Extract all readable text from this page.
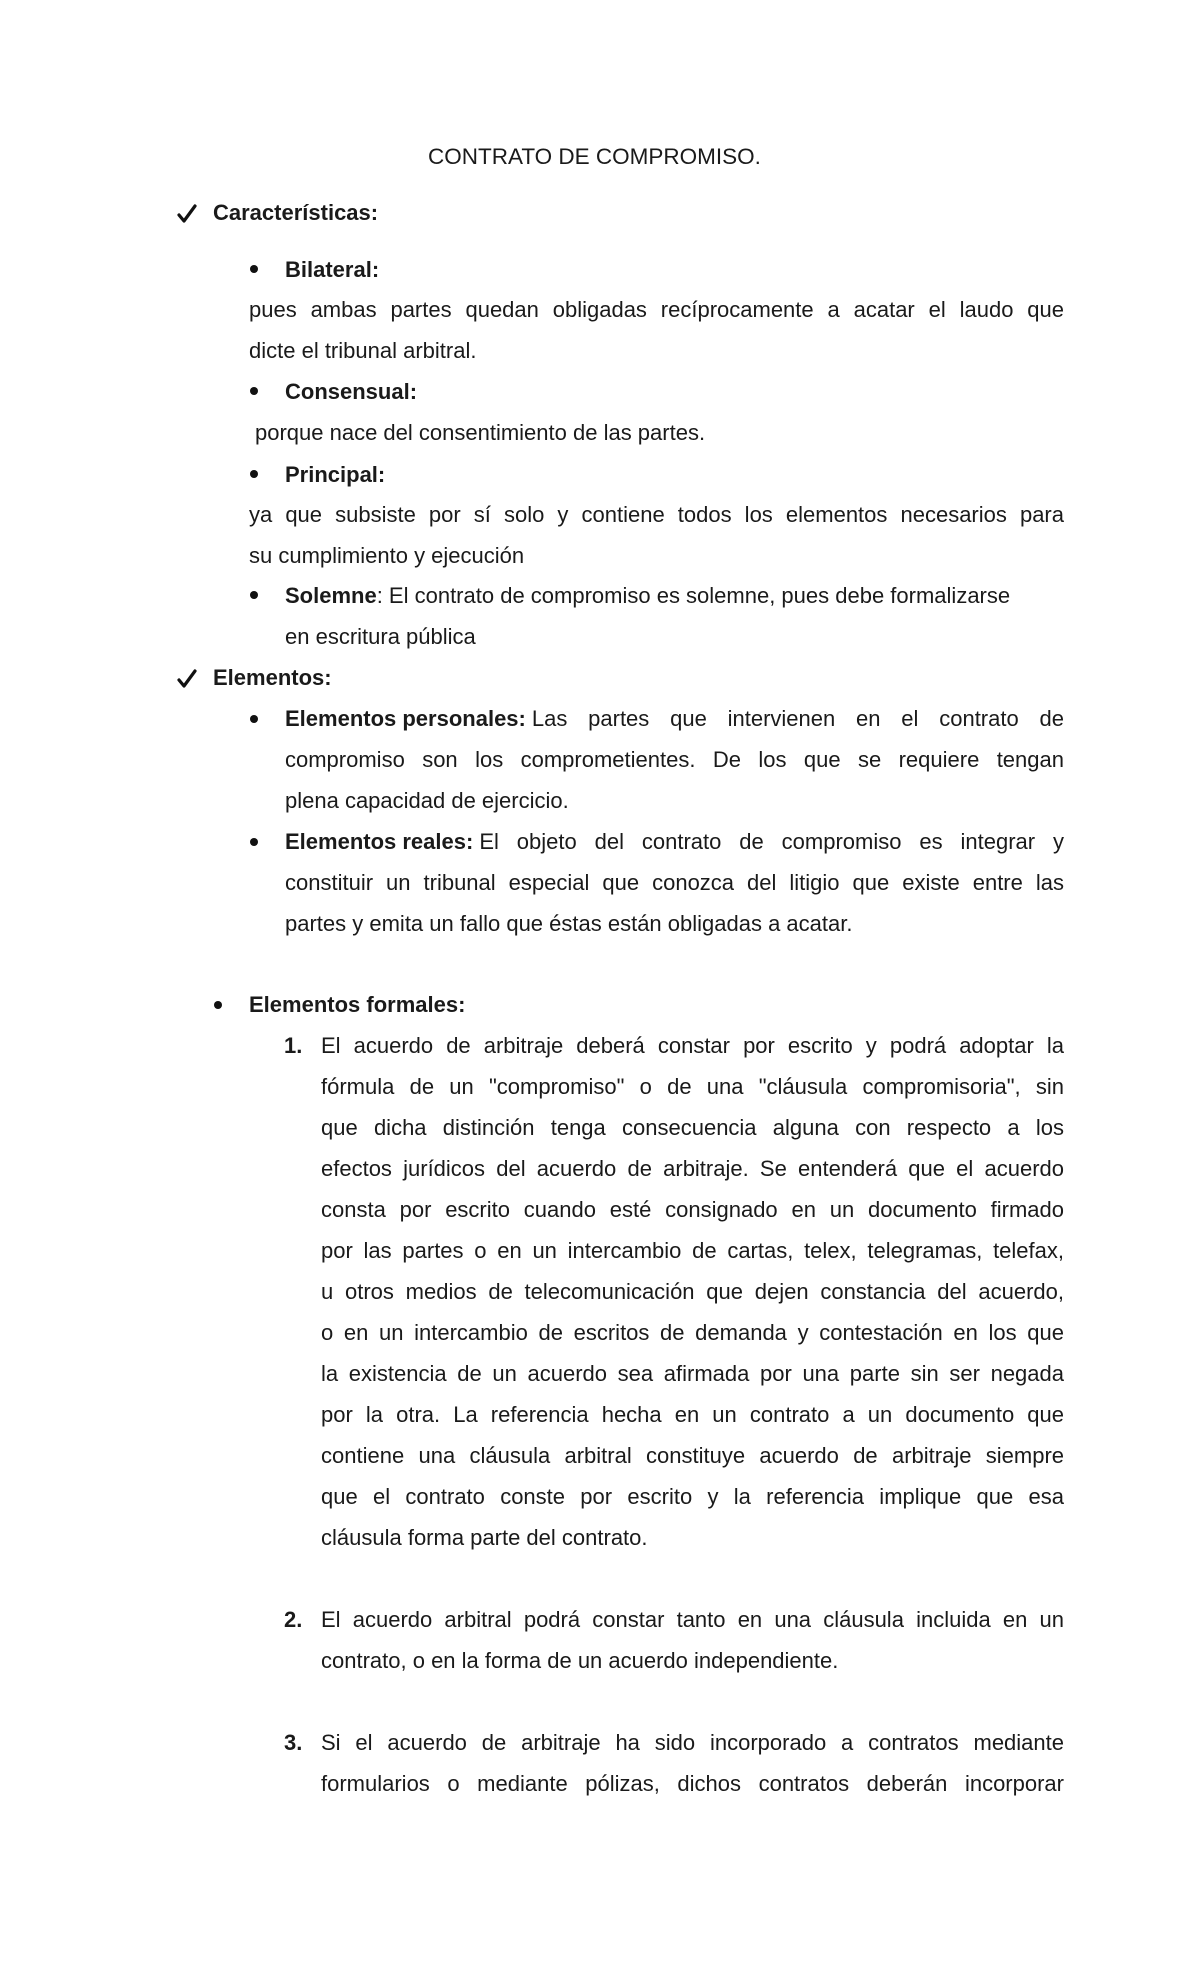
CONTRATO DE COMPROMISO.
Características:
Bilateral:
pues ambas partes quedan obligadas recíprocamente a acatar el laudo que
dicte el tribunal arbitral.
Consensual:
porque nace del consentimiento de las partes.
Principal:
ya que subsiste por sí solo y contiene todos los elementos necesarios para
su cumplimiento y ejecución
Solemne: El contrato de compromiso es solemne, pues debe formalizarse
en escritura pública
Elementos:
Elementos personales: Las partes que intervienen en el contrato de
compromiso son los comprometientes. De los que se requiere tengan
plena capacidad de ejercicio.
Elementos reales: El objeto del contrato de compromiso es integrar y
constituir un tribunal especial que conozca del litigio que existe entre las
partes y emita un fallo que éstas están obligadas a acatar.
Elementos formales:
1. El acuerdo de arbitraje deberá constar por escrito y podrá adoptar la
fórmula de un "compromiso" o de una "cláusula compromisoria", sin
que dicha distinción tenga consecuencia alguna con respecto a los
efectos jurídicos del acuerdo de arbitraje. Se entenderá que el acuerdo
consta por escrito cuando esté consignado en un documento firmado
por las partes o en un intercambio de cartas, telex, telegramas, telefax,
u otros medios de telecomunicación que dejen constancia del acuerdo,
o en un intercambio de escritos de demanda y contestación en los que
la existencia de un acuerdo sea afirmada por una parte sin ser negada
por la otra. La referencia hecha en un contrato a un documento que
contiene una cláusula arbitral constituye acuerdo de arbitraje siempre
que el contrato conste por escrito y la referencia implique que esa
cláusula forma parte del contrato.
2. El acuerdo arbitral podrá constar tanto en una cláusula incluida en un
contrato, o en la forma de un acuerdo independiente.
3. Si el acuerdo de arbitraje ha sido incorporado a contratos mediante
formularios o mediante pólizas, dichos contratos deberán incorporar
